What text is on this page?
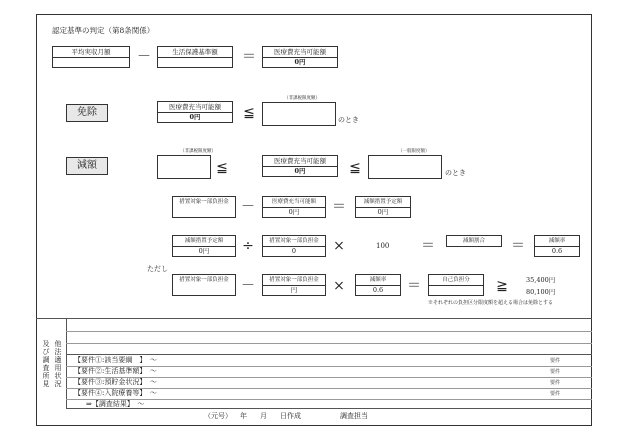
認定基準の判定（第8条関係）
平均実収月額	－	生活保護基準額	＝	医療費充当可能額
0円
免除	医療費充当可能額
0円	≦
（非課税限度額）
のとき
減額
（非課税限度額）
≦	医療費充当可能額
0円	≦
（一般限度額）
のとき
措置対象一部負担金 －	医療費充当可能額
0円	＝	減額措置予定額
0円
減額措置予定額
0円	÷	措置対象一部負担金
0	×	100 ＝	減額割合	＝	減額率
0.6
ただし
措置対象一部負担金 －	措置対象一部負担金
円	×	減額率
0.6	＝	自己負担分	≧	35,400円
80,100円
※それぞれの負担区分限度額を超える場合は免除とする
及 他
び 法
調 適
査 用
所 状
見 況
【要件①:該当要綱　】　～	要件
【要件②:生活基準額】　～	要件
【要件③:預貯金状況】　～	要件
【要件④:入院療養等】　～	要件
⇒【調査結果】　～
（元号） 年 月 日作成	調査担当
